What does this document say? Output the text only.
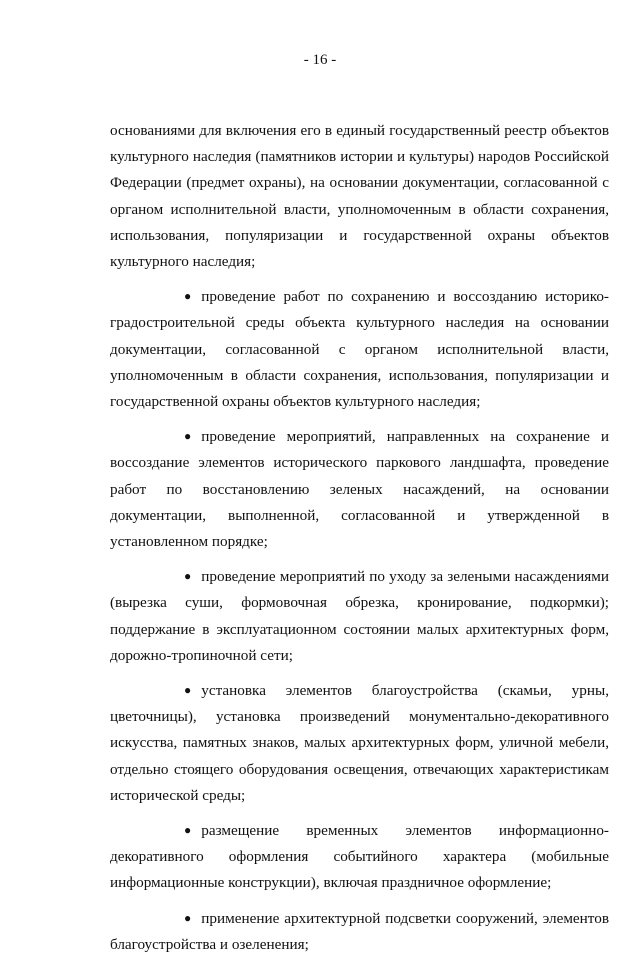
- 16 -

основаниями для включения его в единый государственный реестр объектов культурного наследия (памятников истории и культуры) народов Российской Федерации (предмет охраны), на основании документации, согласованной с органом исполнительной власти, уполномоченным в области сохранения, использования, популяризации и государственной охраны объектов культурного наследия;

● проведение работ по сохранению и воссозданию историко-градостроительной среды объекта культурного наследия на основании документации, согласованной с органом исполнительной власти, уполномоченным в области сохранения, использования, популяризации и государственной охраны объектов культурного наследия;

● проведение мероприятий, направленных на сохранение и воссоздание элементов исторического паркового ландшафта, проведение работ по восстановлению зеленых насаждений, на основании документации, выполненной, согласованной и утвержденной в установленном порядке;

● проведение мероприятий по уходу за зелеными насаждениями (вырезка суши, формовочная обрезка, кронирование, подкормки); поддержание в эксплуатационном состоянии малых архитектурных форм, дорожно-тропиночной сети;

● установка элементов благоустройства (скамьи, урны, цветочницы), установка произведений монументально-декоративного искусства, памятных знаков, малых архитектурных форм, уличной мебели, отдельно стоящего оборудования освещения, отвечающих характеристикам исторической среды;

● размещение временных элементов информационно-декоративного оформления событийного характера (мобильные информационные конструкции), включая праздничное оформление;

● применение архитектурной подсветки сооружений, элементов благоустройства и озеленения;
